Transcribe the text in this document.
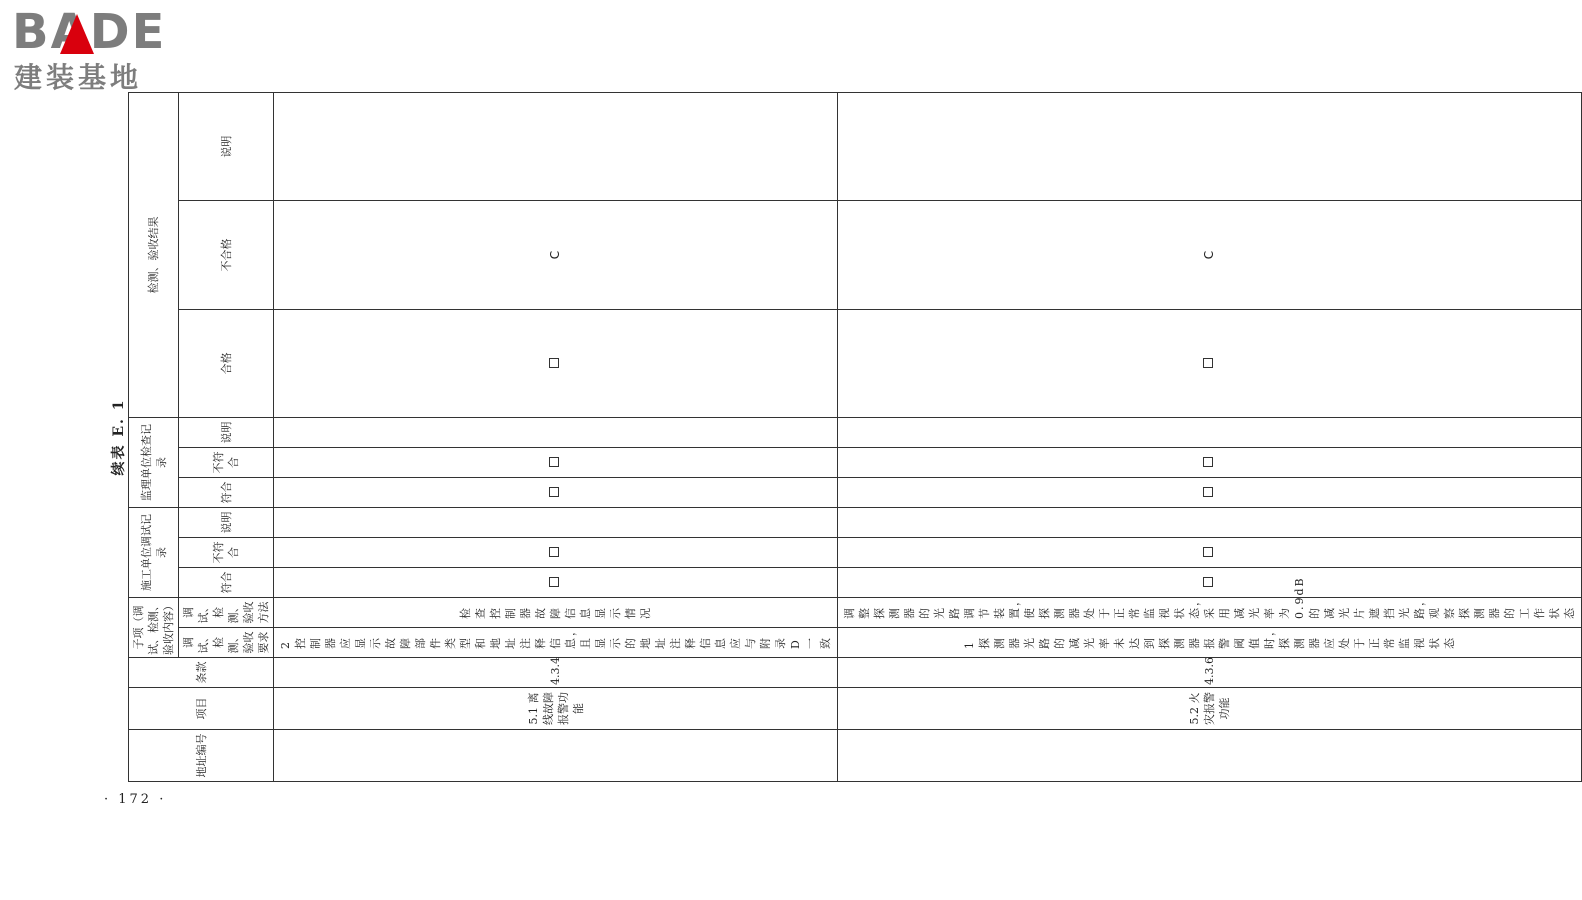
BADE
建装基地
续表 E. 1
地址编号	项目	条款	子项（调试、检测、验收内容）		施工单位调试记录			监理单位检查记录			检测、验收结果		
			调试、检测、验收要求	调试、检测、验收方法	符合	不符合	说明	符合	不符合	说明	合格	不合格	说明
	5.1 离线故障报警功能	4.3.4	2 控制器应显示故障部件类型和地址注释信息，且显示的地址注释信息应与附录 D 一致	检查控制器故障信息显示情况								C	
	5.2 火灾报警功能	4.3.6	1 探测器光路的减光率未达到探测器报警阈值时，探测器应处于正常监视状态	调整探测器的光路调节装置，使探测器处于正常监视状态，采用减光率为 0.9dB 的减光片遮挡光路，观察探测器的工作状态								C	
· 172 ·
